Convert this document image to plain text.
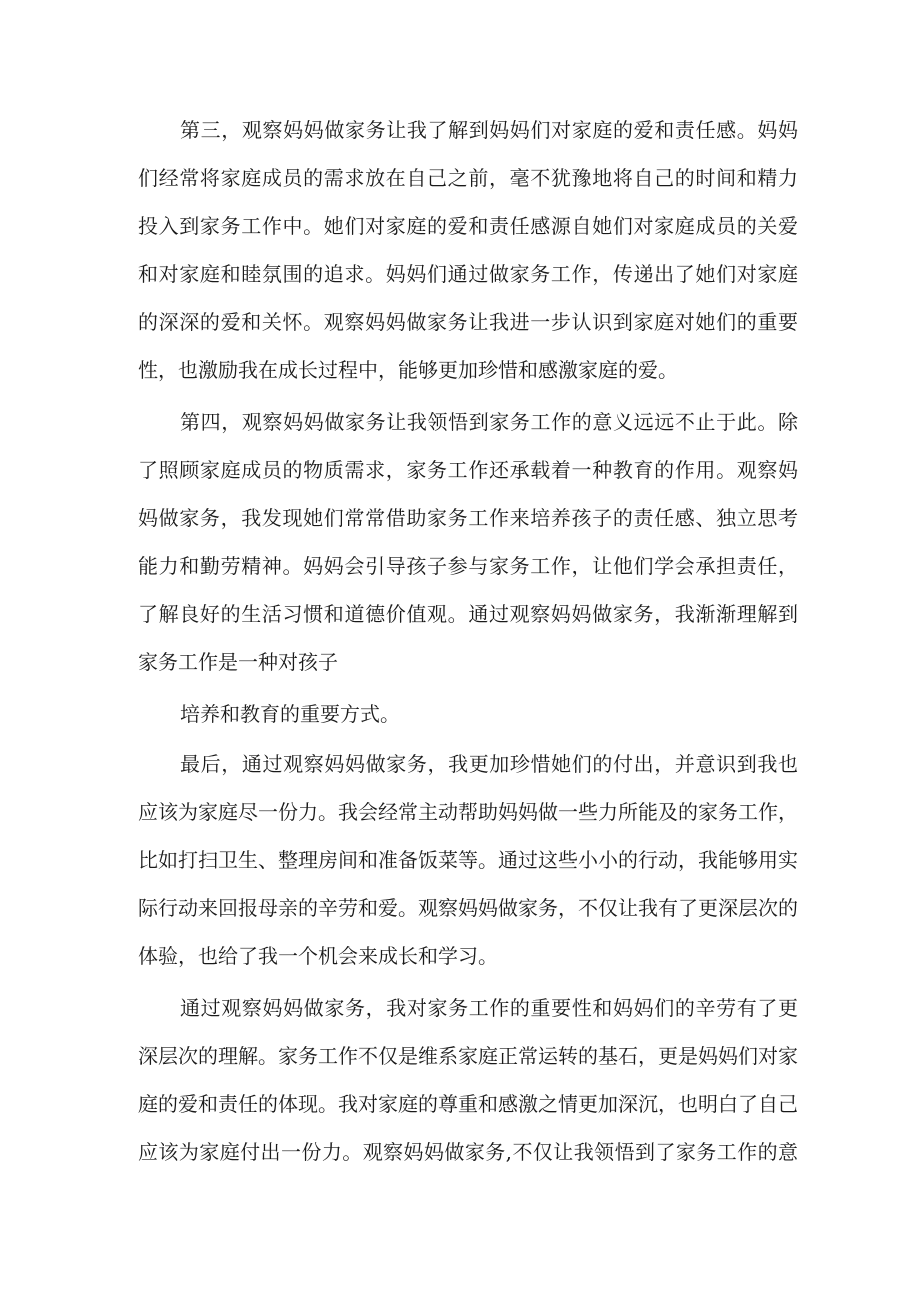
第三，观察妈妈做家务让我了解到妈妈们对家庭的爱和责任感。妈妈
们经常将家庭成员的需求放在自己之前，毫不犹豫地将自己的时间和精力
投入到家务工作中。她们对家庭的爱和责任感源自她们对家庭成员的关爱
和对家庭和睦氛围的追求。妈妈们通过做家务工作，传递出了她们对家庭
的深深的爱和关怀。观察妈妈做家务让我进一步认识到家庭对她们的重要
性，也激励我在成长过程中，能够更加珍惜和感激家庭的爱。
第四，观察妈妈做家务让我领悟到家务工作的意义远远不止于此。除
了照顾家庭成员的物质需求，家务工作还承载着一种教育的作用。观察妈
妈做家务，我发现她们常常借助家务工作来培养孩子的责任感、独立思考
能力和勤劳精神。妈妈会引导孩子参与家务工作，让他们学会承担责任，
了解良好的生活习惯和道德价值观。通过观察妈妈做家务，我渐渐理解到
家务工作是一种对孩子
培养和教育的重要方式。
最后，通过观察妈妈做家务，我更加珍惜她们的付出，并意识到我也
应该为家庭尽一份力。我会经常主动帮助妈妈做一些力所能及的家务工作，
比如打扫卫生、整理房间和准备饭菜等。通过这些小小的行动，我能够用实
际行动来回报母亲的辛劳和爱。观察妈妈做家务，不仅让我有了更深层次的
体验，也给了我一个机会来成长和学习。
通过观察妈妈做家务，我对家务工作的重要性和妈妈们的辛劳有了更
深层次的理解。家务工作不仅是维系家庭正常运转的基石，更是妈妈们对家
庭的爱和责任的体现。我对家庭的尊重和感激之情更加深沉，也明白了自己
应该为家庭付出一份力。观察妈妈做家务,不仅让我领悟到了家务工作的意
